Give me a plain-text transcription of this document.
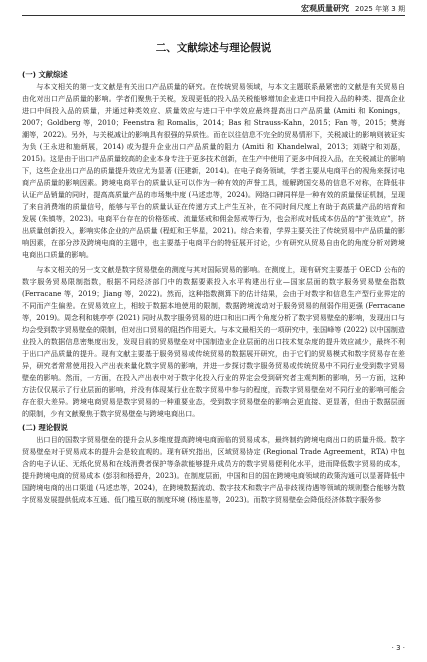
宏观质量研究 2025 年第 3 期
二、文献综述与理论假说
(一) 文献综述

与本文相关的第一支文献是有关出口产品质量的研究。在传统贸易领域，与本文主题联系最紧密的文献是有关贸易自由化对出口产品质量的影响。学者们聚焦于关税，发现更低的投入品关税能够增加企业进口中间投入品的种类、提高企业进口中间投入品的质量，并通过种类效应、质量效应与进口干中学效应最终提高出口产品质量 (Amiti 和 Konings，2007；Goldberg 等，2010；Feenstra 和 Romalis，2014；Bas 和 Strauss-Kahn，2015；Fan 等，2015；樊海潮等，2022)。另外，与关税减让的影响具有很强的异质性。而在以往信息不完全的贸易情形下，关税减让的影响则被证实为负 (王永进和施炳展，2014) 或为提升企业出口产品质量的阻力 (Amiti 和 Khandelwal，2013；刘晓宁和刘磊，2015)。这是由于出口产品质量较高的企业本身专注于更多技术创新，在生产中使用了更多中间投入品，在关税减让的影响下，这些企业出口产品的质量提升效应尤为显著 (汪建新，2014)。在电子商务领域，学者主要从电商平台的视角来探讨电商产品质量的影响因素。跨境电商平台的质量认证可以作为一种有效的声誉工具，缓解跨国交易的信息不对称，在降低非认证产品销量的同时，提高高质量产品的市场集中度 (马述忠等，2024)。网络口碑同样是一种有效的质量保证机制，呈现了来自消费端的质量信号，能够与平台的质量认证在传递方式上产生互补，在不同时间尺度上有助于高质量产品的培育和发展 (朱镇等，2023)。电商平台存在的价格惩戒、流量惩戒和佣金惩戒等行为，也会形成对低成本仿品的“扩张效应”，挤出质量创新投入，影响实体企业的产品质量 (程虹和王华星，2021)。综合来看，学界主要关注了传统贸易中产品质量的影响因素，在部分涉及跨境电商的主题中，也主要基于电商平台的特征展开讨论，少有研究从贸易自由化的角度分析对跨境电商出口质量的影响。

与本文相关的另一支文献是数字贸易壁垒的测度与其对国际贸易的影响。在测度上，现有研究主要基于 OECD 公布的数字服务贸易限制指数，根据不同经济部门中的数据要素投入水平构建出行业—国家层面的数字服务贸易壁垒指数 (Ferracane 等，2019；Jiang 等，2022)。然而，这种指数测算下的估计结果，会由于对数字和信息生产型行业界定的不同而产生偏差。在贸易效应上，相较于数据本地使用的限制，数据跨境流动对于服务贸易的削弱作用更强 (Ferracane 等，2019)。周念利和姚亭亭 (2021) 同时从数字服务贸易的进口和出口两个角度分析了数字贸易壁垒的影响，发现出口与均会受到数字贸易壁垒的限制，但对出口贸易的阻挡作用更大。与本文最相关的一项研究中，张国峰等 (2022) 以中国制造业投入的数据信息密集度出发，发现目前的贸易壁垒对中国制造业企业层面的出口技术复杂度的提升效应减少，最终不利于出口产品质量的提升。现有文献主要基于服务贸易或传统贸易的数据展开研究，由于它们的贸易模式和数字贸易存在差异，研究者常常使用投入产出表来量化数字贸易的影响，并进一步探讨数字服务贸易或传统贸易中不同行业受到数字贸易壁垒的影响。然而，一方面，在投入产出表中对于数字化投入行业的界定会受到研究者主观判断的影响，另一方面，这种方法仅仅展示了行业层面的影响，并没有体现某行业在数字贸易中参与的程度，而数字贸易壁垒对不同行业的影响可能会存在很大差异。跨境电商贸易是数字贸易的一种重要业态，受到数字贸易壁垒的影响会更直接、更显著，但由于数据层面的限制，少有文献聚焦于数字贸易壁垒与跨境电商出口。

(二) 理论假说

出口目的国数字贸易壁垒的提升会从多维度提高跨境电商面临的贸易成本，最终制约跨境电商出口的质量升级。数字贸易壁垒对于贸易成本的提升会是较直观的。现有研究指出，区域贸易协定 (Regional Trade Agreement，RTA) 中包含的电子认证、无纸化贸易和在线消费者保护等条款能够提升成员方的数字贸易便利化水平，进而降低数字贸易的成本，提升跨境电商的贸易成本 (彭羽和杨碧舟，2023)。在制度层面，中国和目的国在跨境电商领域的政策沟通可以显著降低中国跨境电商的出口渠道 (马述忠等，2024)，在跨境数据流动、数字技术和数字产品非歧视待遇等领域的规则整合能够为数字贸易发展提供低成本互通、低门槛互联的制度环境 (杨连星等，2023)。而数字贸易壁垒会降低经济体数字服务参

· 3 ·
